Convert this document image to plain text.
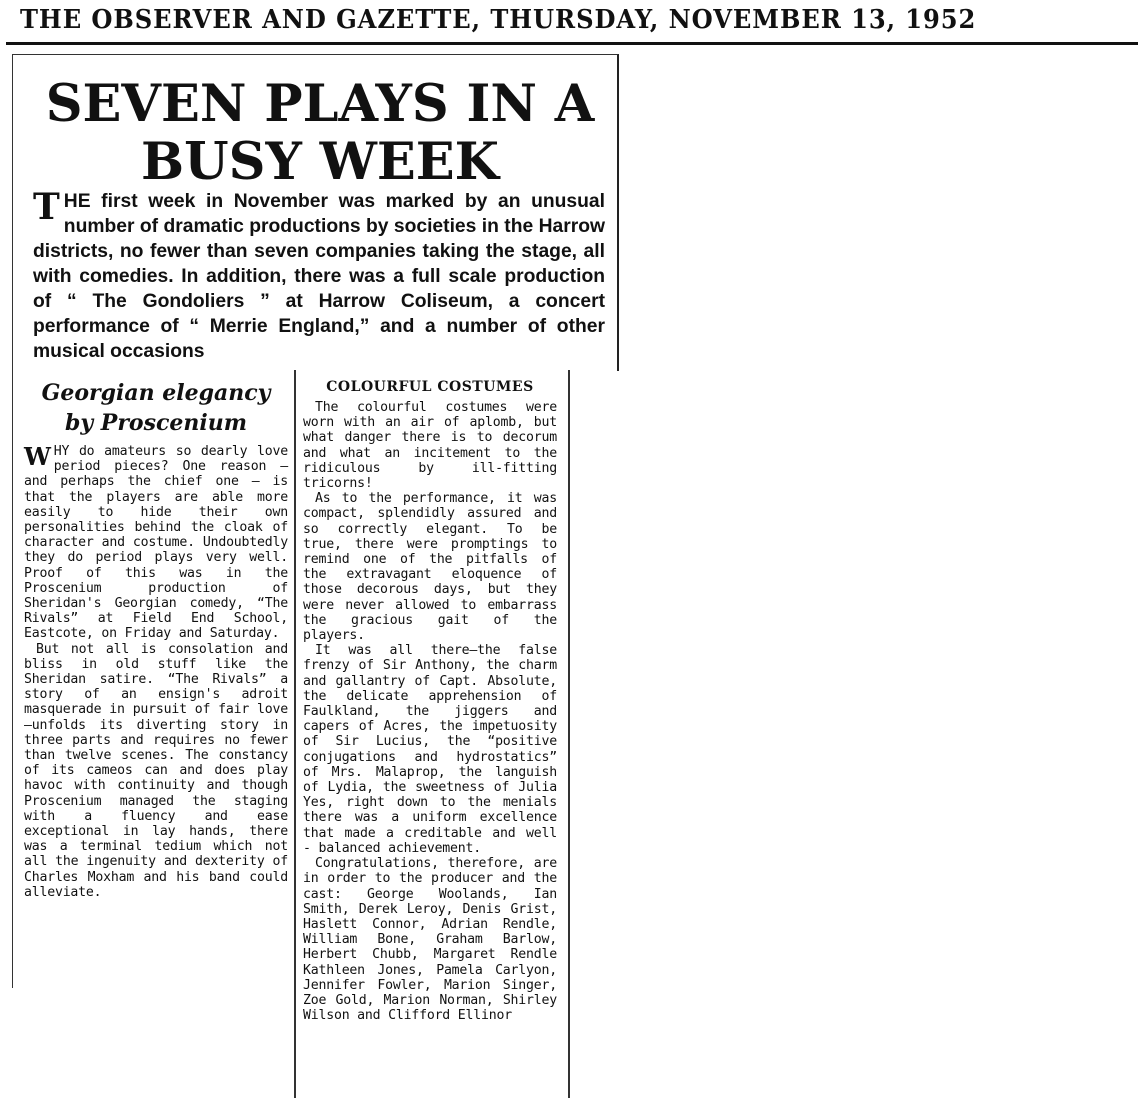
THE OBSERVER AND GAZETTE, THURSDAY, NOVEMBER 13, 1952
SEVEN PLAYS IN A BUSY WEEK
THE first week in November was marked by an unusual number of dramatic productions by societies in the Harrow districts, no fewer than seven companies taking the stage, all with comedies. In addition, there was a full scale production of “ The Gondoliers ” at Harrow Coliseum, a concert performance of “ Merrie England,” and a number of other musical occasions
Georgian elegancy
by Proscenium

WHY do amateurs so dearly love period pieces? One reason — and perhaps the chief one — is that the players are able more easily to hide their own personalities behind the cloak of character and costume. Undoubtedly they do period plays very well. Proof of this was in the Proscenium production of Sheridan's Georgian comedy, “The Rivals” at Field End School, Eastcote, on Friday and Saturday.

But not all is consolation and bliss in old stuff like the Sheridan satire. “The Rivals” a story of an ensign's adroit masquerade in pursuit of fair love—unfolds its diverting story in three parts and requires no fewer than twelve scenes. The constancy of its cameos can and does play havoc with continuity and though Proscenium managed the staging with a fluency and ease exceptional in lay hands, there was a terminal tedium which not all the ingenuity and dexterity of Charles Moxham and his band could alleviate.

COLOURFUL COSTUMES

The colourful costumes were worn with an air of aplomb, but what danger there is to decorum and what an incitement to the ridiculous by ill-fitting tricorns!

As to the performance, it was compact, splendidly assured and so correctly elegant. To be true, there were promptings to remind one of the pitfalls of the extravagant eloquence of those decorous days, but they were never allowed to embarrass the gracious gait of the players.

It was all there—the false frenzy of Sir Anthony, the charm and gallantry of Capt. Absolute, the delicate apprehension of Faulkland, the jiggers and capers of Acres, the impetuosity of Sir Lucius, the “positive conjugations and hydrostatics” of Mrs. Malaprop, the languish of Lydia, the sweetness of Julia Yes, right down to the menials there was a uniform excellence that made a creditable and well - balanced achievement.

Congratulations, therefore, are in order to the producer and the cast: George Woolands, Ian Smith, Derek Leroy, Denis Grist, Haslett Connor, Adrian Rendle, William Bone, Graham Barlow, Herbert Chubb, Margaret Rendle Kathleen Jones, Pamela Carlyon, Jennifer Fowler, Marion Singer, Zoe Gold, Marion Norman, Shirley Wilson and Clifford Ellinor
